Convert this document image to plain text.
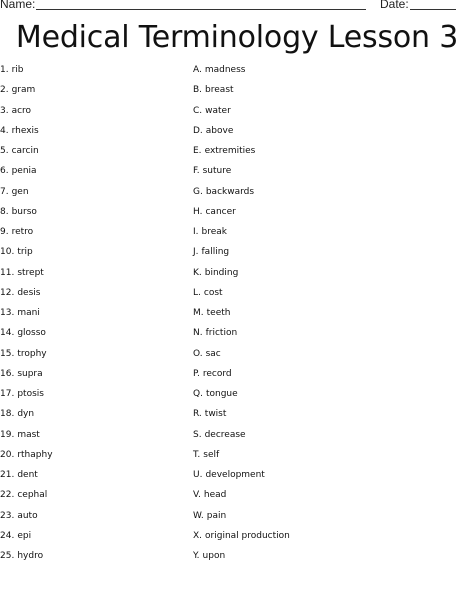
Name:	Date:
Medical Terminology Lesson 3
1. rib
2. gram
3. acro
4. rhexis
5. carcin
6. penia
7. gen
8. burso
9. retro
10. trip
11. strept
12. desis
13. mani
14. glosso
15. trophy
16. supra
17. ptosis
18. dyn
19. mast
20. rthaphy
21. dent
22. cephal
23. auto
24. epi
25. hydro
A. madness
B. breast
C. water
D. above
E. extremities
F. suture
G. backwards
H. cancer
I. break
J. falling
K. binding
L. cost
M. teeth
N. friction
O. sac
P. record
Q. tongue
R. twist
S. decrease
T. self
U. development
V. head
W. pain
X. original production
Y. upon
